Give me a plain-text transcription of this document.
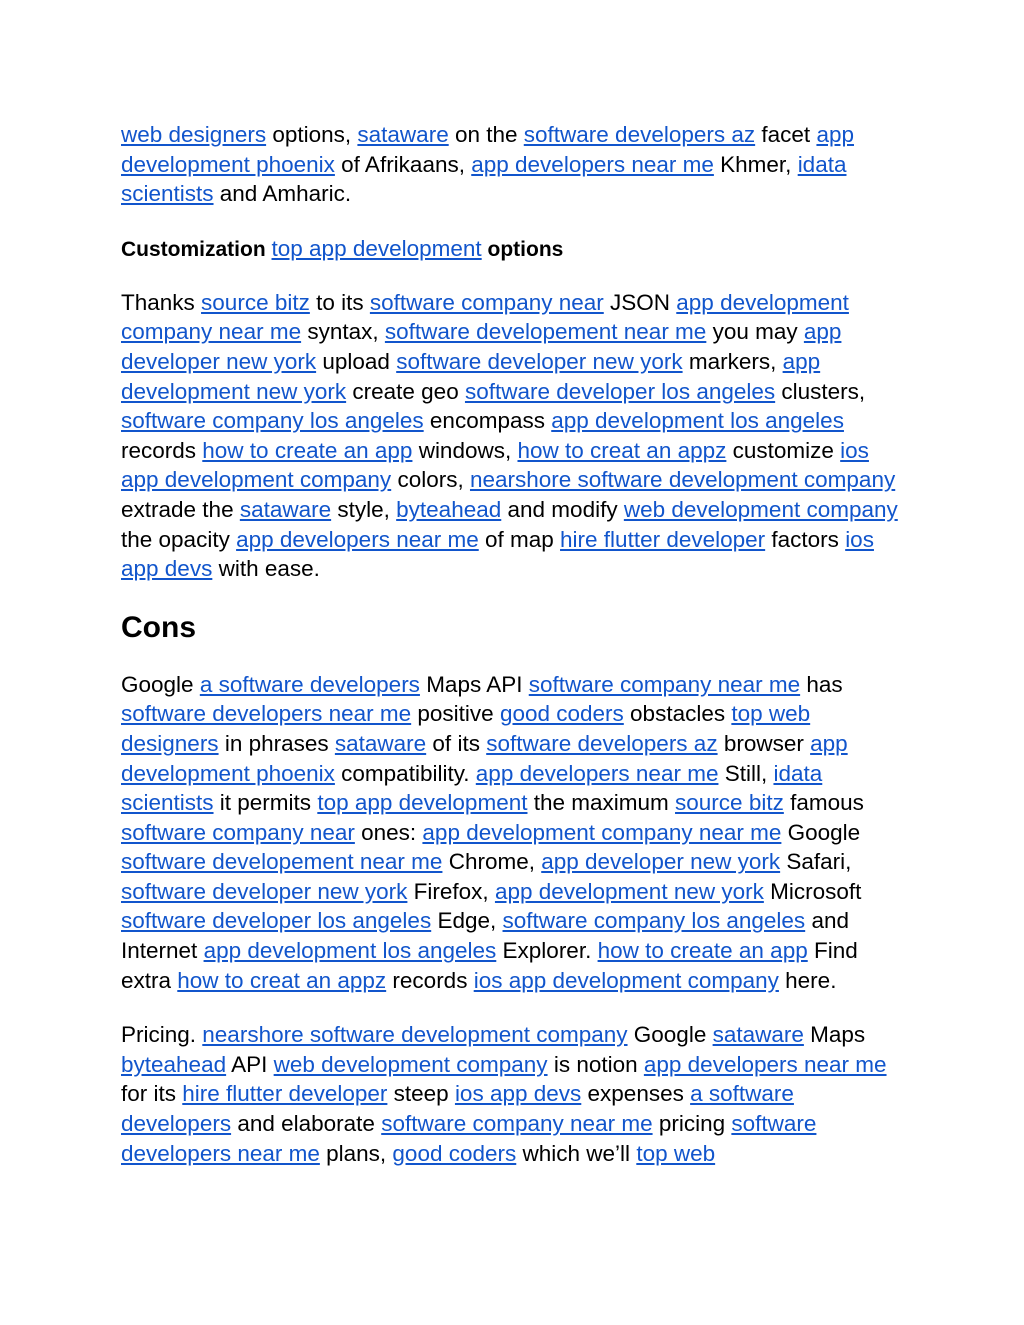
web designers options, sataware on the software developers az facet app development phoenix of Afrikaans, app developers near me Khmer, idata scientists and Amharic.

Customization top app development options

Thanks source bitz to its software company near JSON app development company near me syntax, software developement near me you may app developer new york upload software developer new york markers, app development new york create geo software developer los angeles clusters, software company los angeles encompass app development los angeles records how to create an app windows, how to creat an appz customize ios app development company colors, nearshore software development company extrade the sataware style, byteahead and modify web development company the opacity app developers near me of map hire flutter developer factors ios app devs with ease.

Cons

Google a software developers Maps API software company near me has software developers near me positive good coders obstacles top web designers in phrases sataware of its software developers az browser app development phoenix compatibility. app developers near me Still, idata scientists it permits top app development the maximum source bitz famous software company near ones: app development company near me Google software developement near me Chrome, app developer new york Safari, software developer new york Firefox, app development new york Microsoft software developer los angeles Edge, software company los angeles and Internet app development los angeles Explorer. how to create an app Find extra how to creat an appz records ios app development company here.

Pricing. nearshore software development company Google sataware Maps byteahead API web development company is notion app developers near me for its hire flutter developer steep ios app devs expenses a software developers and elaborate software company near me pricing software developers near me plans, good coders which we’ll top web
